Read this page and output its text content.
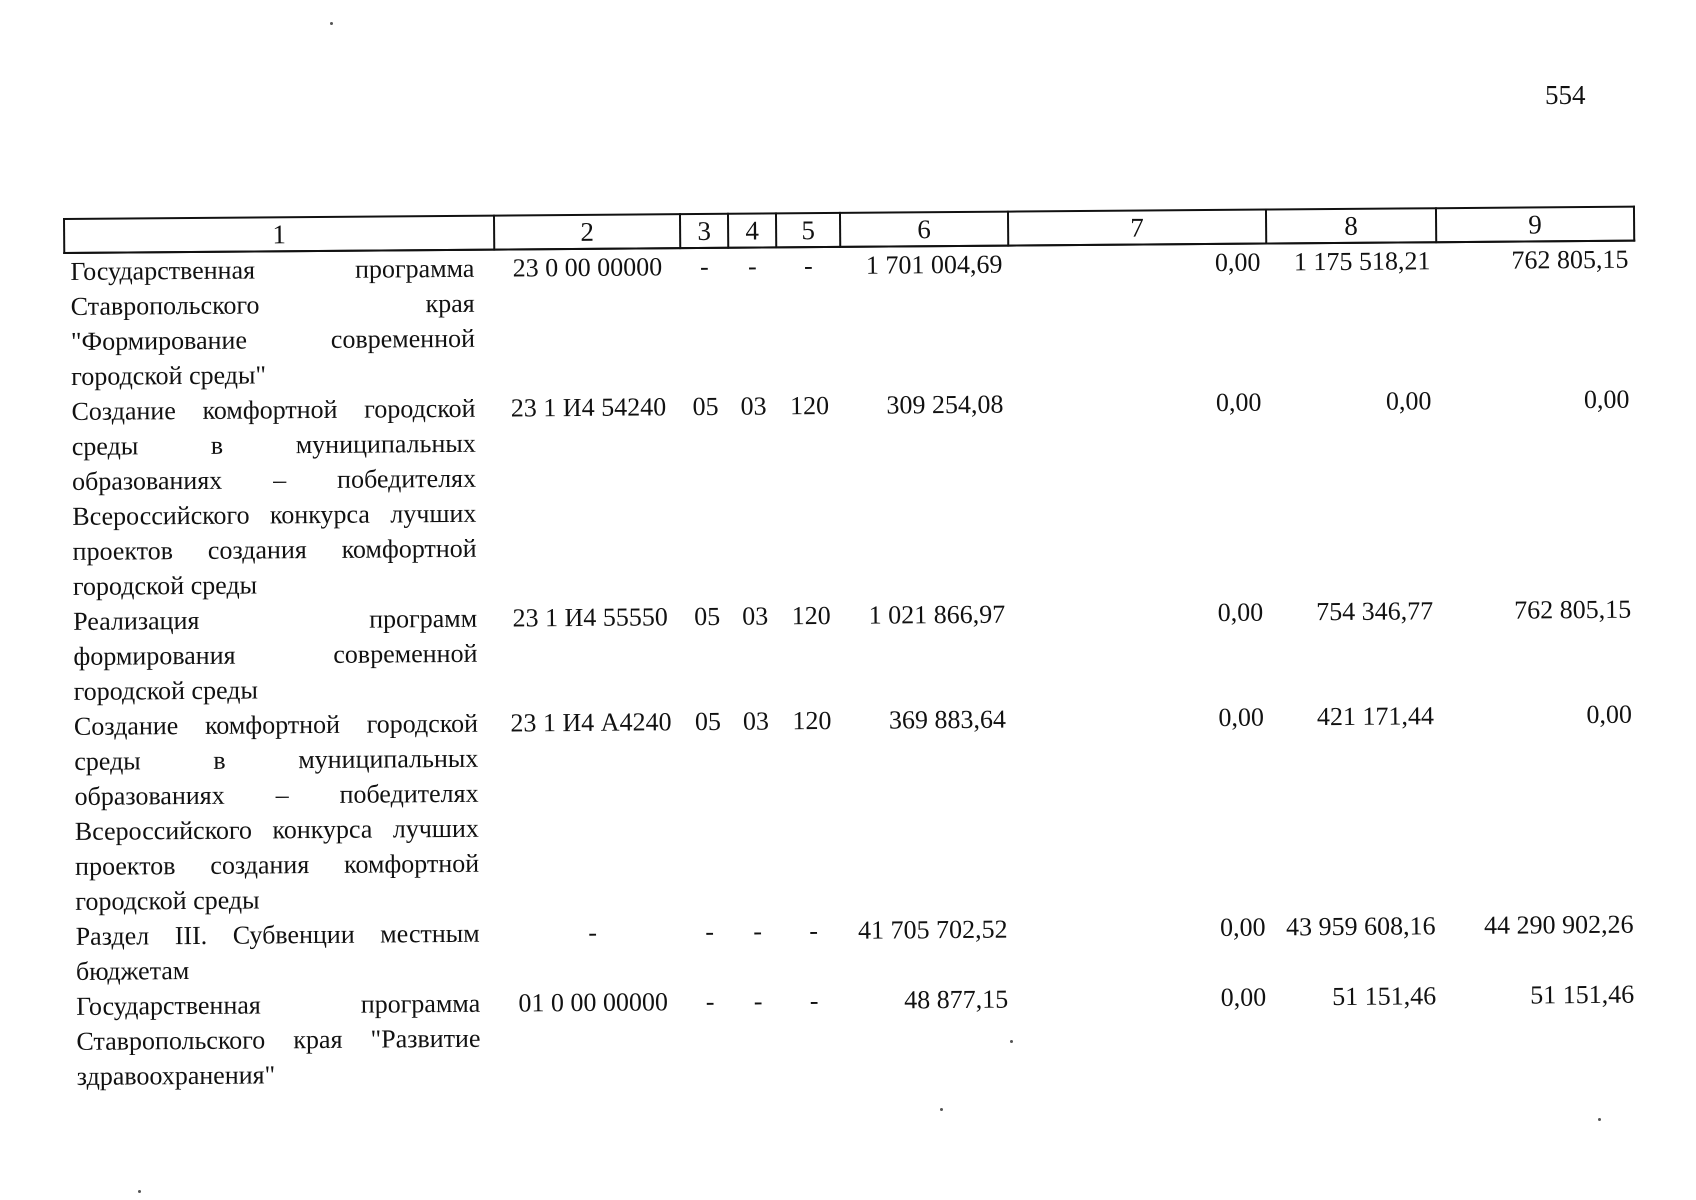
554
1	2	3	4	5	6	7	8	9
Государственная программа Ставропольского края "Формирование современной городской среды"	23 0 00 00000	-	-	-	1 701 004,69	0,00	1 175 518,21	762 805,15
Создание комфортной городской среды в муниципальных образованиях – победителях Всероссийского конкурса лучших проектов создания комфортной городской среды	23 1 И4 54240	05	03	120	309 254,08	0,00	0,00	0,00
Реализация программ формирования современной городской среды	23 1 И4 55550	05	03	120	1 021 866,97	0,00	754 346,77	762 805,15
Создание комфортной городской среды в муниципальных образованиях – победителях Всероссийского конкурса лучших проектов создания комфортной городской среды	23 1 И4 А4240	05	03	120	369 883,64	0,00	421 171,44	0,00
Раздел III. Субвенции местным бюджетам	-	-	-	-	41 705 702,52	0,00	43 959 608,16	44 290 902,26
Государственная программа Ставропольского края "Развитие здравоохранения"	01 0 00 00000	-	-	-	48 877,15	0,00	51 151,46	51 151,46
